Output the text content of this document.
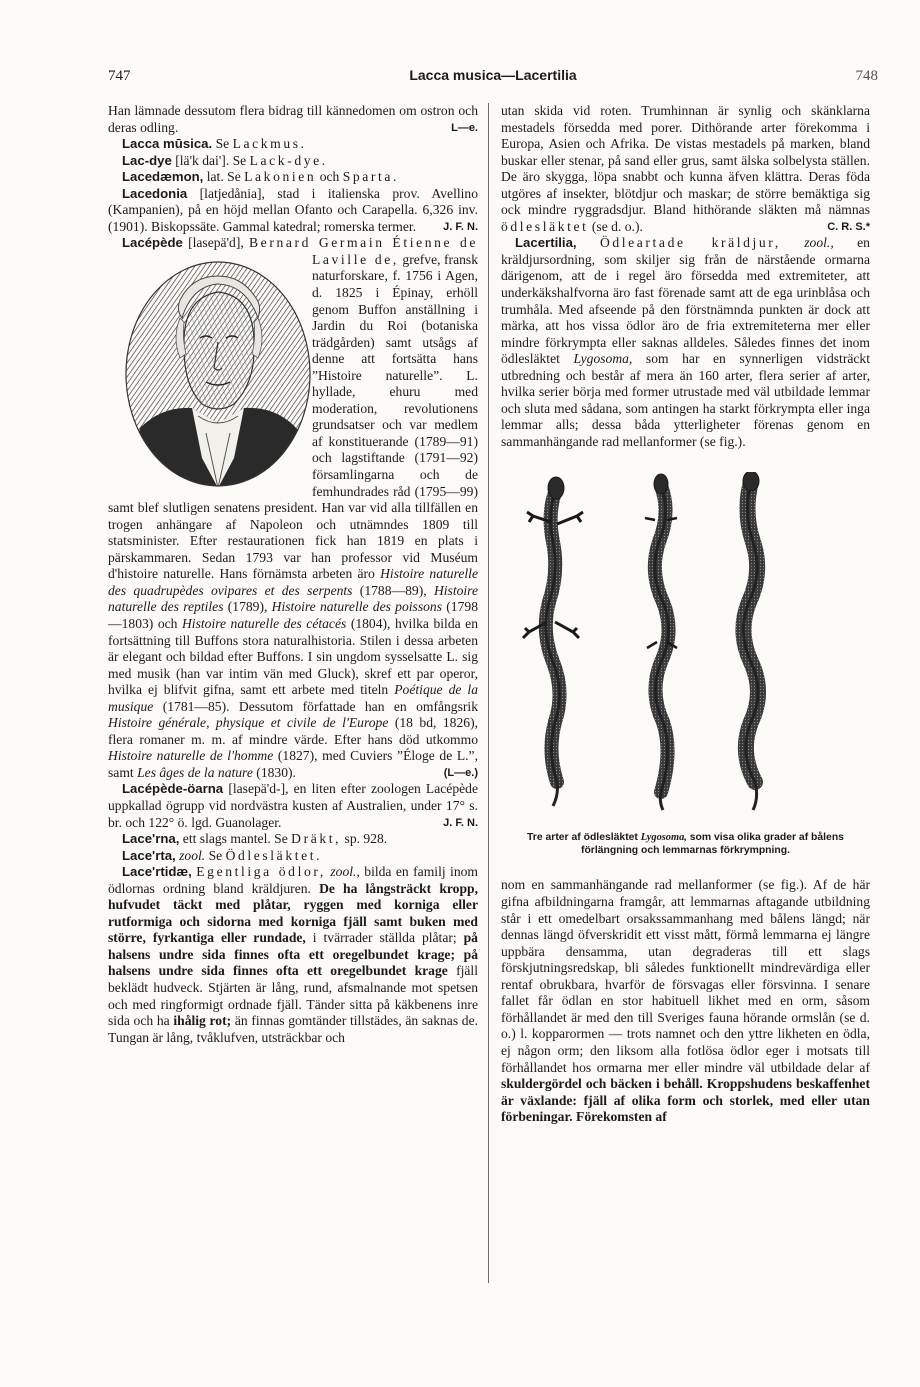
747	Lacca musica—Lacertilia	748

Han lämnade dessutom flera bidrag till kännedomen om ostron och deras odling.	L—e.

Lacca mūsica. Se Lackmus.

Lac-dye [lä'k dai']. Se Lack-dye.

Lacedæmon, lat. Se Lakonien och Sparta.

Lacedonia [latjedånia], stad i italienska prov. Avellino (Kampanien), på en höjd mellan Ofanto och Carapella. 6,326 inv. (1901). Biskopssäte. Gammal katedral; romerska termer.	J. F. N.

Lacépède [lasepä'd], Bernard Germain Étienne de Laville de, grefve, fransk naturforskare, f. 1756 i Agen, d. 1825 i Épinay, erhöll genom Buffon anställning i Jardin du Roi (botaniska trädgården) samt utsågs af denne att fortsätta hans ”Histoire naturelle”. L. hyllade, ehuru med moderation, revolutionens grundsatser och var medlem af konstituerande (1789—91) och lagstiftande (1791—92) församlingarna och de femhundrades råd (1795—99) samt blef slutligen senatens president. Han var vid alla tillfällen en trogen anhängare af Napoleon och utnämndes 1809 till statsminister. Efter restaurationen fick han 1819 en plats i pärskammaren. Sedan 1793 var han professor vid Muséum d'histoire naturelle. Hans förnämsta arbeten äro Histoire naturelle des quadrupèdes ovipares et des serpents (1788—89), Histoire naturelle des reptiles (1789), Histoire naturelle des poissons (1798—1803) och Histoire naturelle des cétacés (1804), hvilka bilda en fortsättning till Buffons stora naturalhistoria. Stilen i dessa arbeten är elegant och bildad efter Buffons. I sin ungdom sysselsatte L. sig med musik (han var intim vän med Gluck), skref ett par operor, hvilka ej blifvit gifna, samt ett arbete med titeln Poétique de la musique (1781—85). Dessutom författade han en omfångsrik Histoire générale, physique et civile de l'Europe (18 bd, 1826), flera romaner m. m. af mindre värde. Efter hans död utkommo Histoire naturelle de l'homme (1827), med Cuviers ”Éloge de L.”, samt Les âges de la nature (1830).	(L—e.)

Lacépède-öarna [lasepä'd-], en liten efter zoologen Lacépède uppkallad ögrupp vid nordvästra kusten af Australien, under 17° s. br. och 122° ö. lgd. Guanolager.	J. F. N.

Lace'rna, ett slags mantel. Se Dräkt, sp. 928.

Lace'rta, zool. Se Ödlesläktet.

Lace'rtidæ, Egentliga ödlor, zool., bilda en familj inom ödlornas ordning bland kräldjuren. De ha långsträckt kropp, hufvudet täckt med plåtar, ryggen med korniga eller rutformiga och sidorna med korniga fjäll samt buken med större, fyrkantiga eller rundade, i tvärrader ställda plåtar; på halsens undre sida finnes ofta ett oregelbundet krage; på halsens undre sida finnes ofta ett oregelbundet krage fjäll beklädt hudveck. Stjärten är lång, rund, afsmalnande mot spetsen och med ringformigt ordnade fjäll. Tänder sitta på käkbenens inre sida och ha ihålig rot; än finnas gomtänder tillstädes, än saknas de. Tungan är lång, tvåklufven, utsträckbar och

utan skida vid roten. Trumhinnan är synlig och skänklarna mestadels försedda med porer. Dithörande arter förekomma i Europa, Asien och Afrika. De vistas mestadels på marken, bland buskar eller stenar, på sand eller grus, samt älska solbelysta ställen. De äro skygga, löpa snabbt och kunna äfven klättra. Deras föda utgöres af insekter, blötdjur och maskar; de större bemäktiga sig ock mindre ryggradsdjur. Bland hithörande släkten må nämnas ödlesläktet (se d. o.).	C. R. S.*

Lacertilia, Ödleartade kräldjur, zool., en kräldjursordning, som skiljer sig från de närstående ormarna därigenom, att de i regel äro försedda med extremiteter, att underkäkshalfvorna äro fast förenade samt att de ega urinblåsa och trumhåla. Med afseende på den förstnämnda punkten är dock att märka, att hos vissa ödlor äro de fria extremiteterna mer eller mindre förkrympta eller saknas alldeles. Således finnes det inom ödlesläktet Lygosoma, som har en synnerligen vidsträckt utbredning och består af mera än 160 arter, flera serier af arter, hvilka serier börja med former utrustade med väl utbildade lemmar och sluta med sådana, som antingen ha starkt förkrympta eller inga lemmar alls; dessa båda ytterligheter förenas genom en sammanhängande rad mellanformer (se fig.).

Tre arter af ödlesläktet Lygosoma, som visa olika grader af bålens förlängning och lemmarnas förkrympning.

nom en sammanhängande rad mellanformer (se fig.). Af de här gifna afbildningarna framgår, att lemmarnas aftagande utbildning står i ett omedelbart orsakssammanhang med bålens längd; när dennas längd öfverskridit ett visst mått, förmå lemmarna ej längre uppbära densamma, utan degraderas till ett slags förskjutningsredskap, bli således funktionellt mindrevärdiga eller rentaf obrukbara, hvarför de försvagas eller försvinna. I senare fallet får ödlan en stor habituell likhet med en orm, såsom förhållandet är med den till Sveriges fauna hörande ormslån (se d. o.) l. kopparormen — trots namnet och den yttre likheten en ödla, ej någon orm; den liksom alla fotlösa ödlor eger i motsats till förhållandet hos ormarna mer eller mindre väl utbildade delar af skuldergördel och bäcken i behåll. Kroppshudens beskaffenhet är växlande: fjäll af olika form och storlek, med eller utan förbeningar. Förekomsten af
